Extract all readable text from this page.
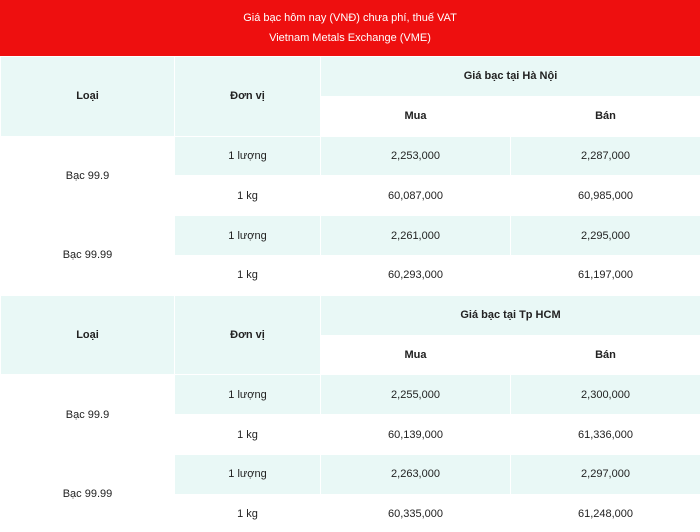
Giá bạc hôm nay (VNĐ) chưa phí, thuế VAT
Vietnam Metals Exchange (VME)
Loại	Đơn vị	Giá bạc tại Hà Nội	
		Mua	Bán
Bạc 99.9	1 lượng	2,253,000	2,287,000
	1 kg	60,087,000	60,985,000
Bạc 99.99	1 lượng	2,261,000	2,295,000
	1 kg	60,293,000	61,197,000
Loại	Đơn vị	Giá bạc tại Tp HCM	
		Mua	Bán
Bạc 99.9	1 lượng	2,255,000	2,300,000
	1 kg	60,139,000	61,336,000
Bạc 99.99	1 lượng	2,263,000	2,297,000
	1 kg	60,335,000	61,248,000
